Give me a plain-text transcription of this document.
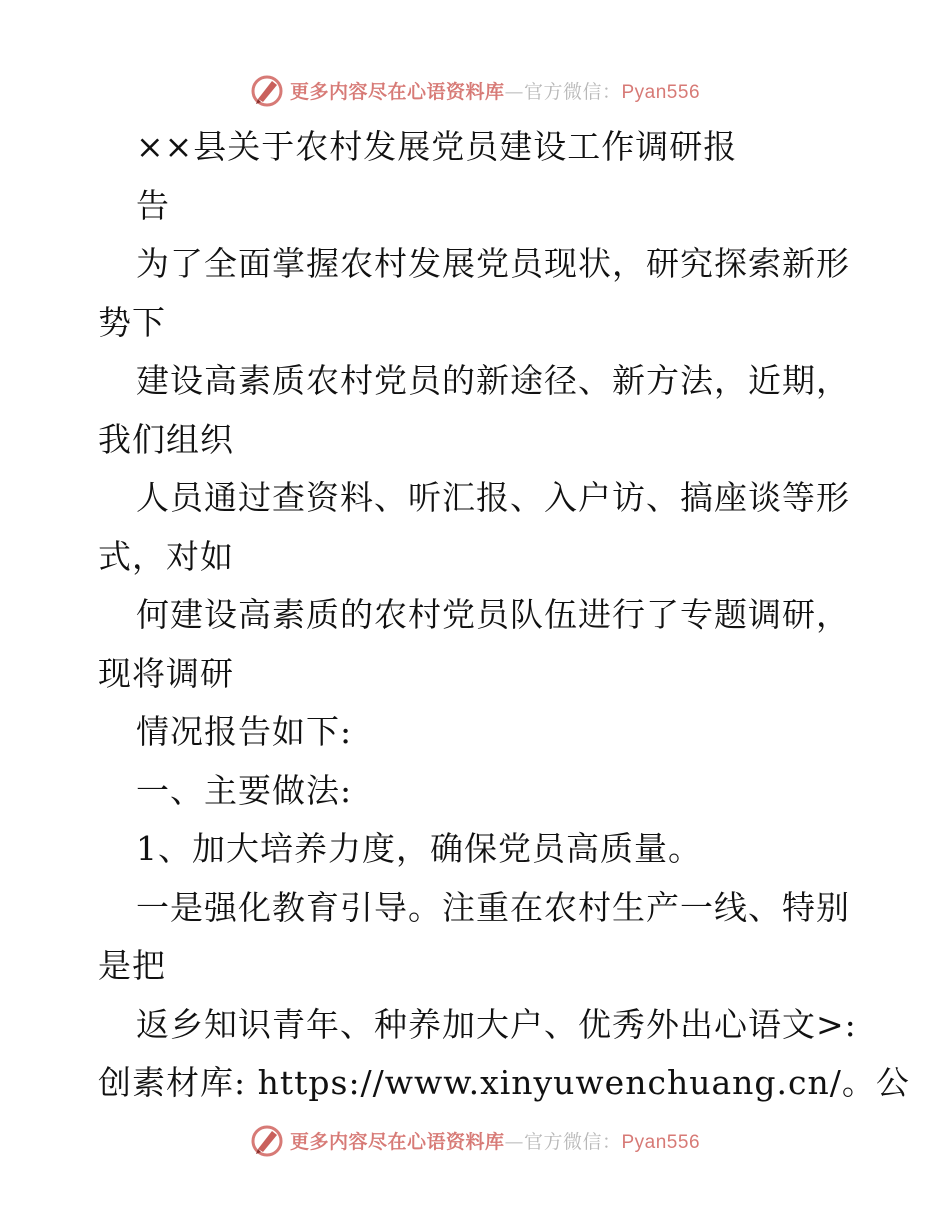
更多内容尽在心语资料库—官方微信：Pyan556
××县关于农村发展党员建设工作调研报
告
为了全面掌握农村发展党员现状，研究探索新形
势下
建设高素质农村党员的新途径、新方法，近期，
我们组织
人员通过查资料、听汇报、入户访、搞座谈等形
式，对如
何建设高素质的农村党员队伍进行了专题调研，
现将调研
情况报告如下:
一、主要做法:
1、加大培养力度，确保党员高质量。
一是强化教育引导。注重在农村生产一线、特别
是把
返乡知识青年、种养加大户、优秀外出心语文>:
创素材库: https://www.xinyuwenchuang.cn/。公
更多内容尽在心语资料库—官方微信：Pyan556
